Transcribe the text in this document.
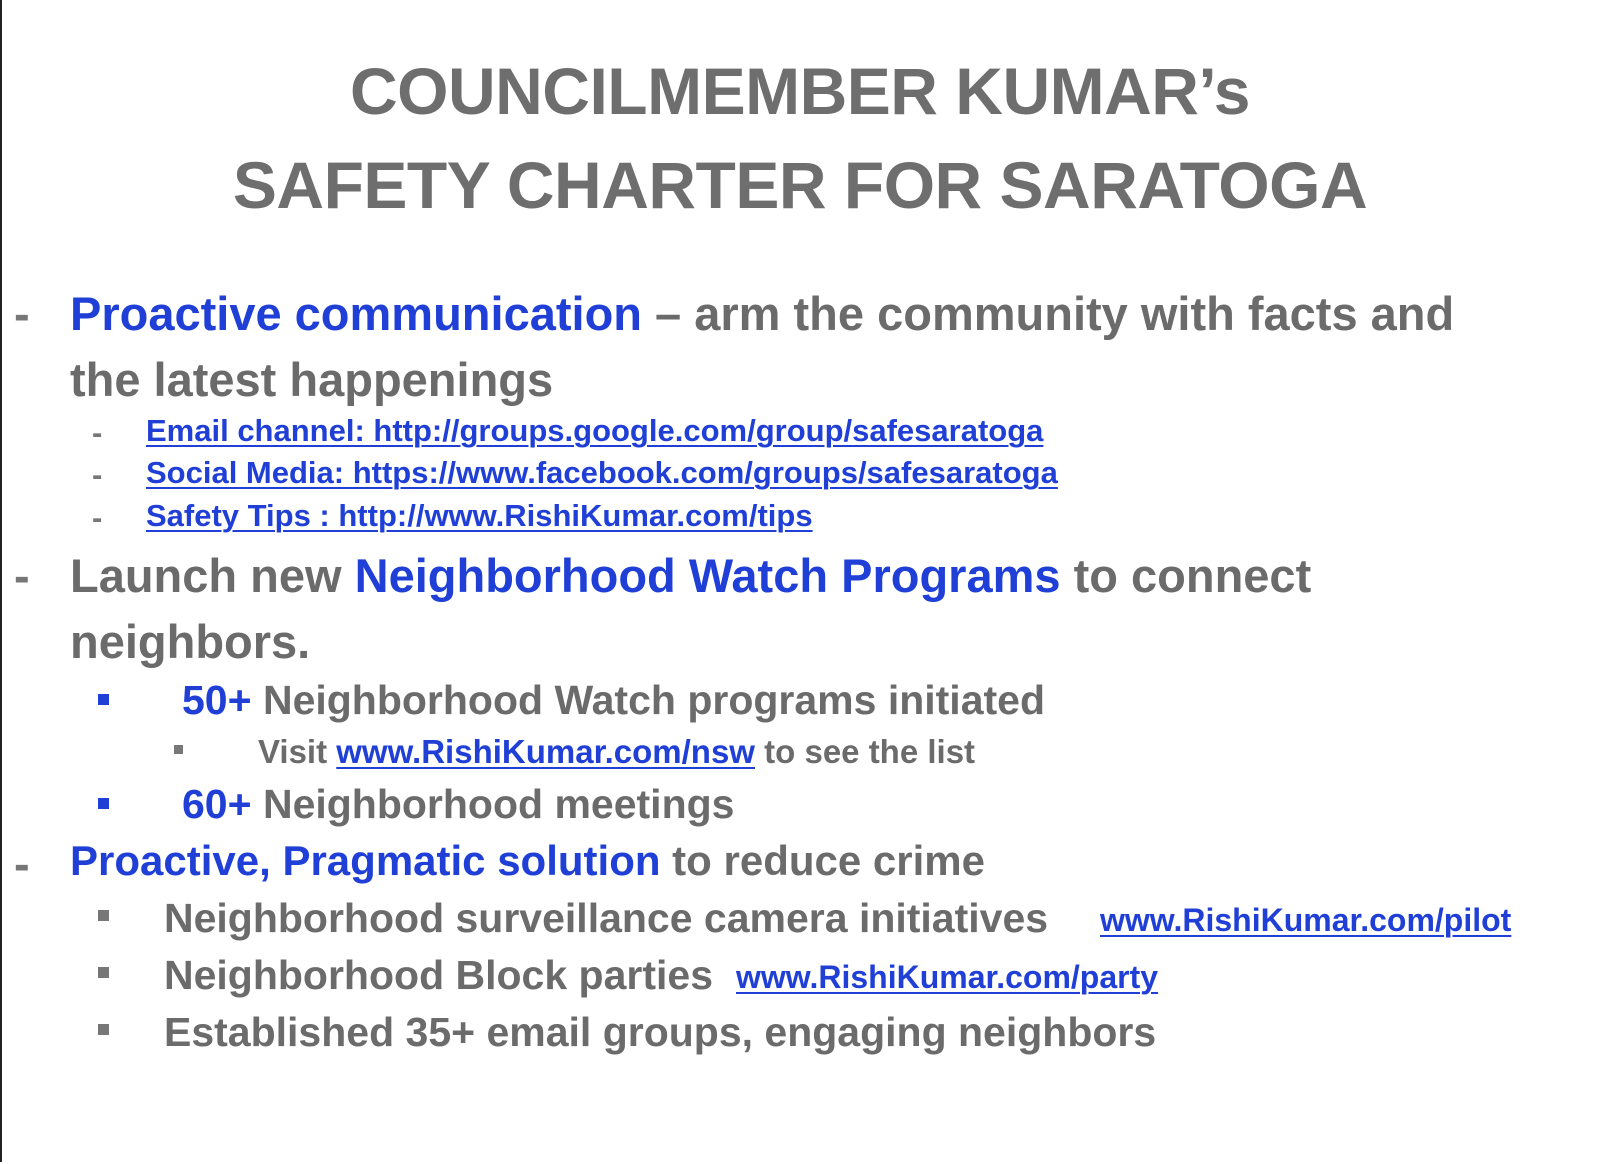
COUNCILMEMBER KUMAR’s
SAFETY CHARTER FOR SARATOGA
- Proactive communication – arm the community with facts and
the latest happenings
- Email channel: http://groups.google.com/group/safesaratoga
- Social Media: https://www.facebook.com/groups/safesaratoga
- Safety Tips : http://www.RishiKumar.com/tips
- Launch new Neighborhood Watch Programs to connect
neighbors.
50+ Neighborhood Watch programs initiated
Visit www.RishiKumar.com/nsw to see the list
60+ Neighborhood meetings
- Proactive, Pragmatic solution to reduce crime
Neighborhood surveillance camera initiatives www.RishiKumar.com/pilot
Neighborhood Block parties www.RishiKumar.com/party
Established 35+ email groups, engaging neighbors
